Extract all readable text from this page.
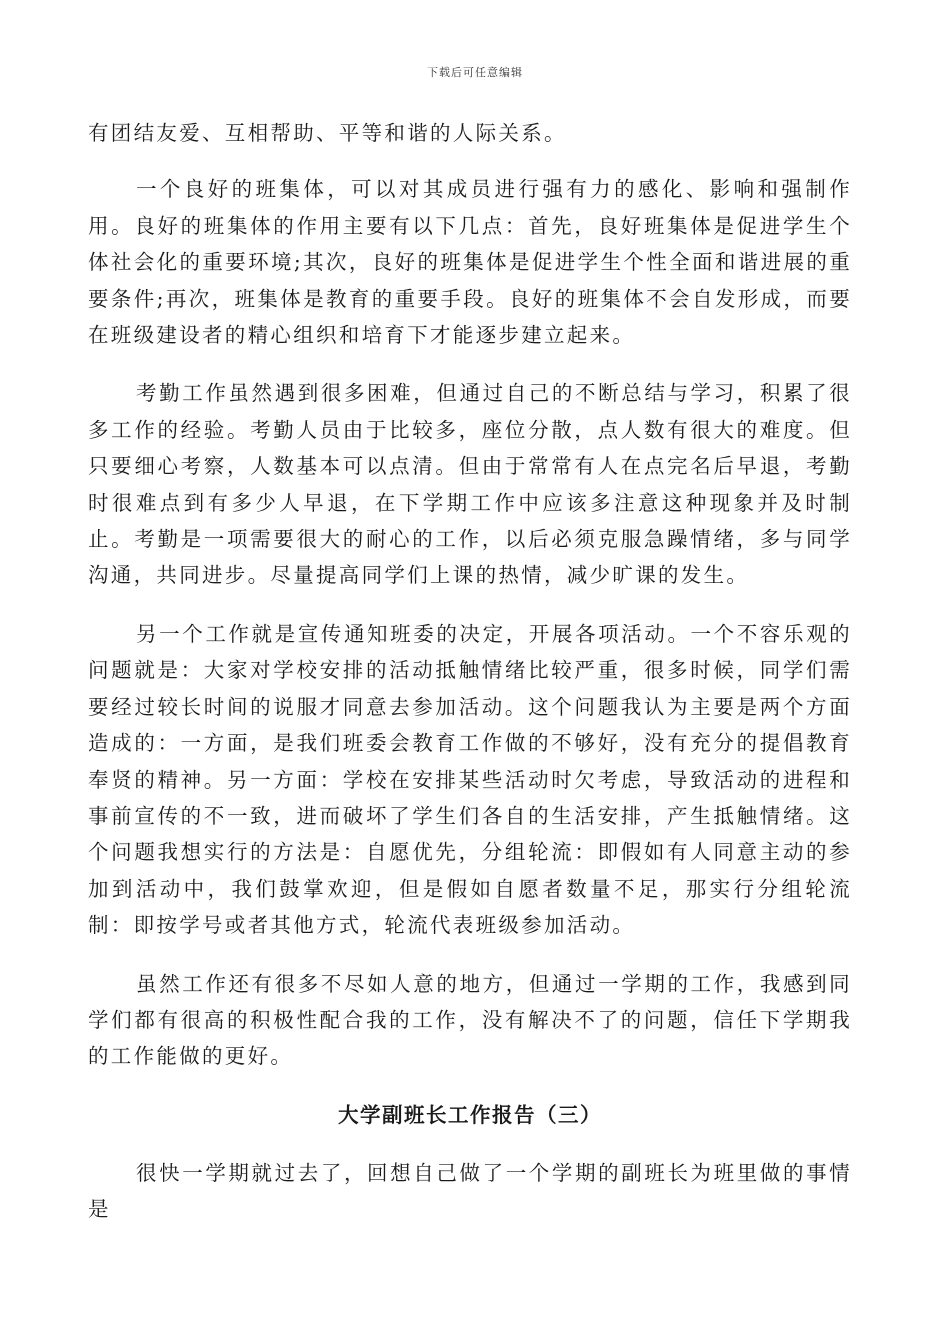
下载后可任意编辑

有团结友爱、互相帮助、平等和谐的人际关系。

一个良好的班集体，可以对其成员进行强有力的感化、影响和强制作用。良好的班集体的作用主要有以下几点：首先，良好班集体是促进学生个体社会化的重要环境;其次，良好的班集体是促进学生个性全面和谐进展的重要条件;再次，班集体是教育的重要手段。良好的班集体不会自发形成，而要在班级建设者的精心组织和培育下才能逐步建立起来。

考勤工作虽然遇到很多困难，但通过自己的不断总结与学习，积累了很多工作的经验。考勤人员由于比较多，座位分散，点人数有很大的难度。但只要细心考察，人数基本可以点清。但由于常常有人在点完名后早退，考勤时很难点到有多少人早退，在下学期工作中应该多注意这种现象并及时制止。考勤是一项需要很大的耐心的工作，以后必须克服急躁情绪，多与同学沟通，共同进步。尽量提高同学们上课的热情，减少旷课的发生。

另一个工作就是宣传通知班委的决定，开展各项活动。一个不容乐观的问题就是：大家对学校安排的活动抵触情绪比较严重，很多时候，同学们需要经过较长时间的说服才同意去参加活动。这个问题我认为主要是两个方面造成的：一方面，是我们班委会教育工作做的不够好，没有充分的提倡教育奉贤的精神。另一方面：学校在安排某些活动时欠考虑，导致活动的进程和事前宣传的不一致，进而破坏了学生们各自的生活安排，产生抵触情绪。这个问题我想实行的方法是：自愿优先，分组轮流：即假如有人同意主动的参加到活动中，我们鼓掌欢迎，但是假如自愿者数量不足，那实行分组轮流制：即按学号或者其他方式，轮流代表班级参加活动。

虽然工作还有很多不尽如人意的地方，但通过一学期的工作，我感到同学们都有很高的积极性配合我的工作，没有解决不了的问题，信任下学期我的工作能做的更好。

大学副班长工作报告（三）

很快一学期就过去了，回想自己做了一个学期的副班长为班里做的事情是
